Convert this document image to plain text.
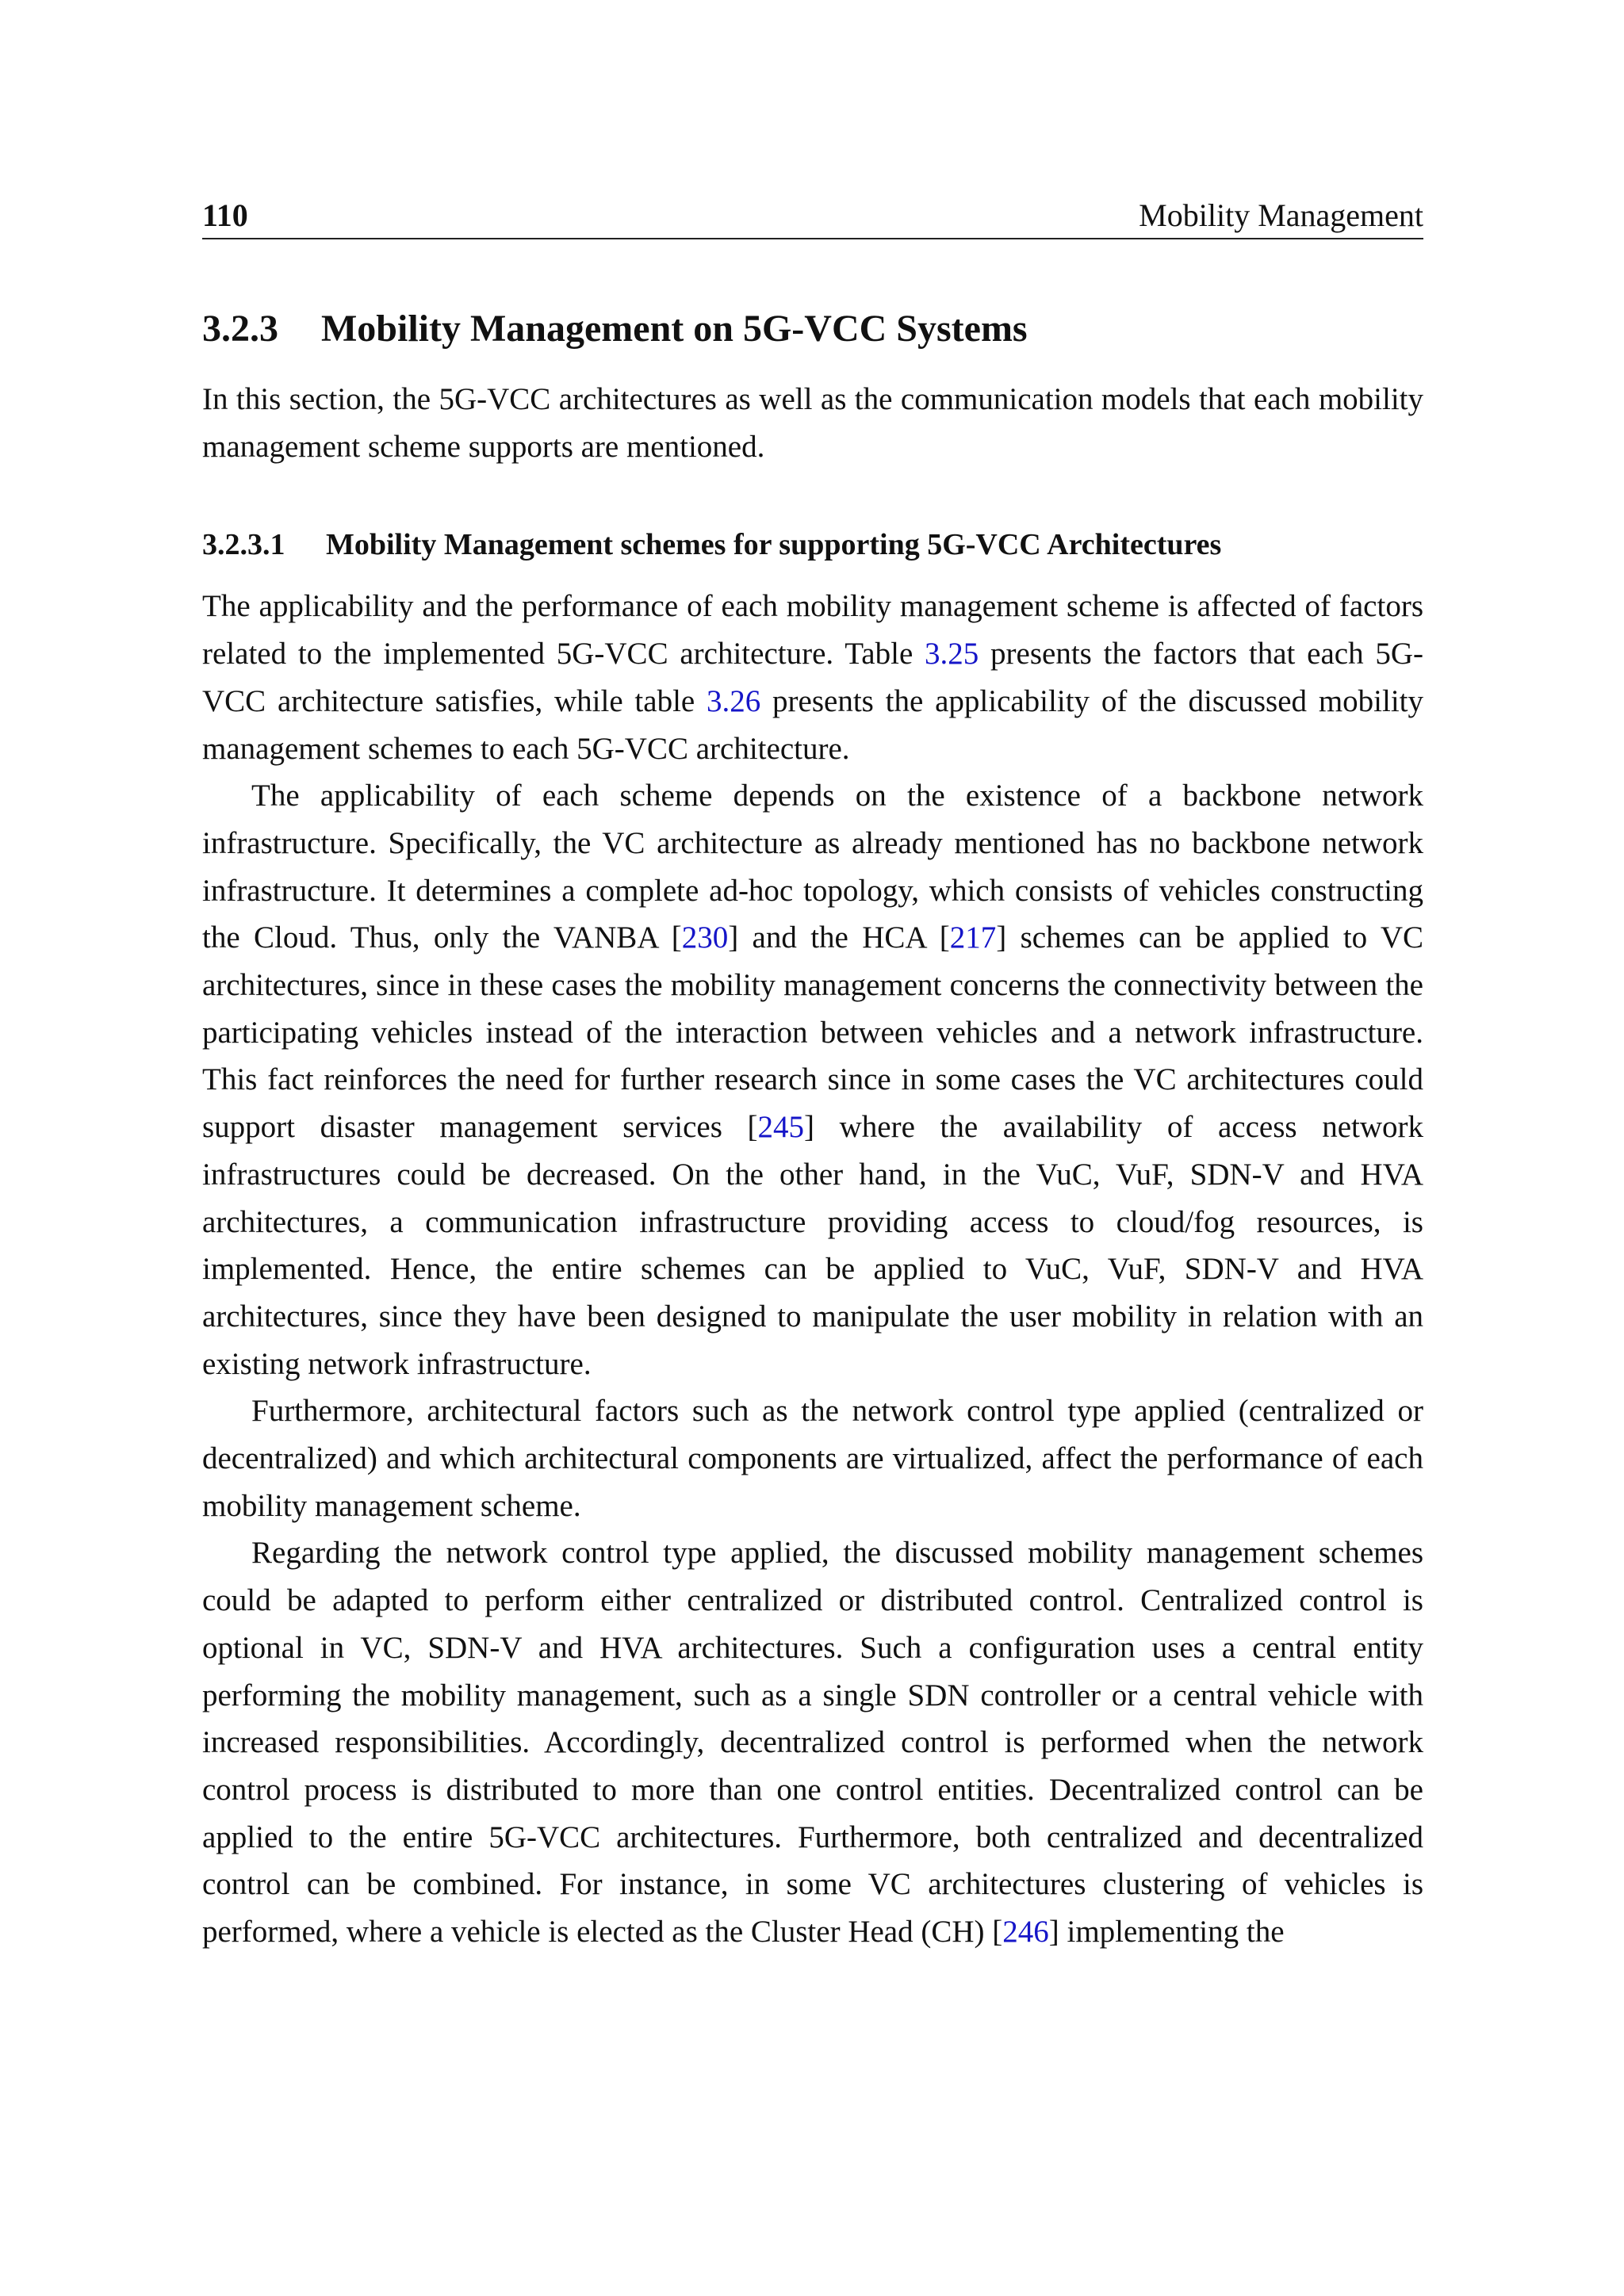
110	Mobility Management
3.2.3 Mobility Management on 5G-VCC Systems

In this section, the 5G-VCC architectures as well as the communication models that each mobility management scheme supports are mentioned.

3.2.3.1 Mobility Management schemes for supporting 5G-VCC Architectures

The applicability and the performance of each mobility management scheme is affected of factors related to the implemented 5G-VCC architecture. Table 3.25 presents the factors that each 5G-VCC architecture satisfies, while table 3.26 presents the applicability of the discussed mobility management schemes to each 5G-VCC architecture.

The applicability of each scheme depends on the existence of a backbone network infrastructure. Specifically, the VC architecture as already mentioned has no backbone network infrastructure. It determines a complete ad-hoc topology, which consists of vehicles constructing the Cloud. Thus, only the VANBA [230] and the HCA [217] schemes can be applied to VC architectures, since in these cases the mobility management concerns the connectivity between the participating vehicles instead of the interaction between vehicles and a network infrastructure. This fact reinforces the need for further research since in some cases the VC architectures could support disaster management services [245] where the availability of access network infrastructures could be decreased. On the other hand, in the VuC, VuF, SDN-V and HVA architectures, a communication infrastructure providing access to cloud/fog resources, is implemented. Hence, the entire schemes can be applied to VuC, VuF, SDN-V and HVA architectures, since they have been designed to manipulate the user mobility in relation with an existing network infrastructure.

Furthermore, architectural factors such as the network control type applied (centralized or decentralized) and which architectural components are virtualized, affect the performance of each mobility management scheme.

Regarding the network control type applied, the discussed mobility management schemes could be adapted to perform either centralized or distributed control. Centralized control is optional in VC, SDN-V and HVA architectures. Such a configuration uses a central entity performing the mobility management, such as a single SDN controller or a central vehicle with increased responsibilities. Accordingly, decentralized control is performed when the network control process is distributed to more than one control entities. Decentralized control can be applied to the entire 5G-VCC architectures. Furthermore, both centralized and decentralized control can be combined. For instance, in some VC architectures clustering of vehicles is performed, where a vehicle is elected as the Cluster Head (CH) [246] implementing the
